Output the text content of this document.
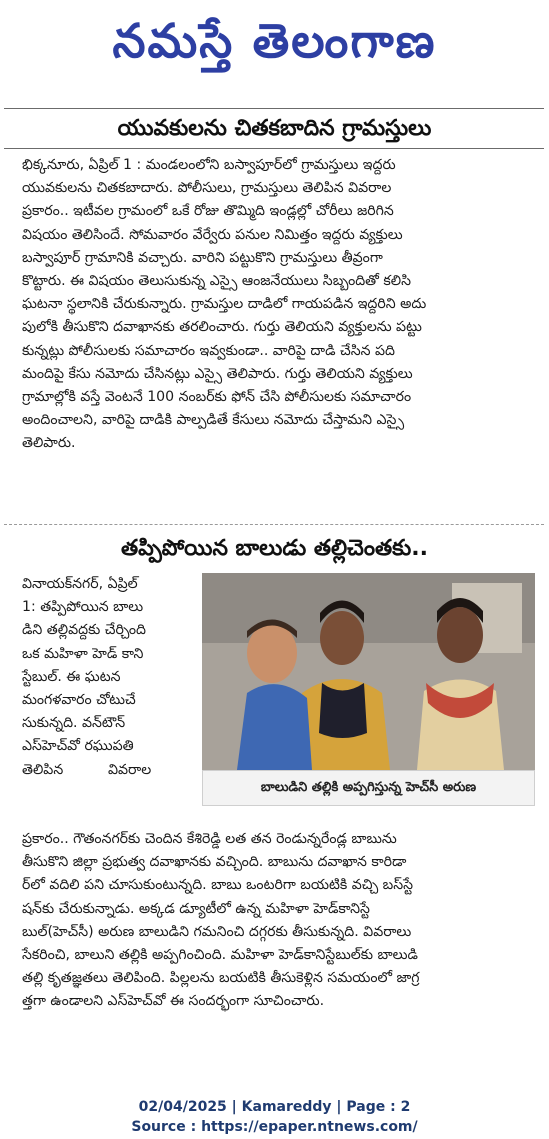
నమస్తే తెలంగాణ
యువకులను చితకబాదిన గ్రామస్తులు
భిక్కనూరు, ఏప్రిల్ 1 : మండలంలోని బస్వాపూర్‌లో గ్రామస్తులు ఇద్దరు
యువకులను చితకబాదారు. పోలీసులు, గ్రామస్తులు తెలిపిన వివరాల
ప్రకారం.. ఇటీవల గ్రామంలో ఒకే రోజు తొమ్మిది ఇండ్లల్లో చోరీలు జరిగిన
విషయం తెలిసిందే. సోమవారం వేర్వేరు పనుల నిమిత్తం ఇద్దరు వ్యక్తులు
బస్వాపూర్ గ్రామానికి వచ్చారు. వారిని పట్టుకొని గ్రామస్తులు తీవ్రంగా
కొట్టారు. ఈ విషయం తెలుసుకున్న ఎస్సై ఆంజనేయులు సిబ్బందితో కలిసి
ఘటనా స్థలానికి చేరుకున్నారు. గ్రామస్తుల దాడిలో గాయపడిన ఇద్దరిని అదు
పులోకి తీసుకొని దవాఖానకు తరలించారు. గుర్తు తెలియని వ్యక్తులను పట్టు
కున్నట్లు పోలీసులకు సమాచారం ఇవ్వకుండా.. వారిపై దాడి చేసిన పది
మందిపై కేసు నమోదు చేసినట్లు ఎస్సై తెలిపారు. గుర్తు తెలియని వ్యక్తులు
గ్రామాల్లోకి వస్తే వెంటనే 100 నంబర్‌కు ఫోన్ చేసి పోలీసులకు సమాచారం
అందించాలని, వారిపై దాడికి పాల్పడితే కేసులు నమోదు చేస్తామని ఎస్సై
తెలిపారు.
తప్పిపోయిన బాలుడు తల్లిచెంతకు..
వినాయక్‌నగర్, ఏప్రిల్
1: తప్పిపోయిన బాలు
డిని తల్లివద్దకు చేర్చింది
ఒక మహిళా హెడ్ కాని
స్టేబుల్. ఈ ఘటన
మంగళవారం చోటుచే
సుకున్నది. వన్‌టౌన్
ఎస్‌హెచ్‌వో రఘుపతి
తెలిపిన          వివరాల
బాలుడిని తల్లికి అప్పగిస్తున్న హెచ్‌సీ అరుణ
ప్రకారం.. గౌతంనగర్‌కు చెందిన కేశిరెడ్డి లత తన రెండున్నరేండ్ల బాబును
తీసుకొని జిల్లా ప్రభుత్వ దవాఖానకు వచ్చింది. బాబును దవాఖాన కారిడా
ర్‌లో వదిలి పని చూసుకుంటున్నది. బాబు ఒంటరిగా బయటికి వచ్చి బస్‌స్టే
షన్‌కు చేరుకున్నాడు. అక్కడ డ్యూటీలో ఉన్న మహిళా హెడ్‌కానిస్టే
బుల్(హెచ్‌సీ) అరుణ బాలుడిని గమనించి దగ్గరకు తీసుకున్నది. వివరాలు
సేకరించి, బాలుని తల్లికి అప్పగించింది. మహిళా హెడ్‌కానిస్టేబుల్‌కు బాలుడి
తల్లి కృతజ్ఞతలు తెలిపింది. పిల్లలను బయటికి తీసుకెళ్లిన సమయంలో జాగ్ర
త్తగా ఉండాలని ఎస్‌హెచ్‌వో ఈ సందర్భంగా సూచించారు.
02/04/2025 | Kamareddy | Page : 2
Source : https://epaper.ntnews.com/
